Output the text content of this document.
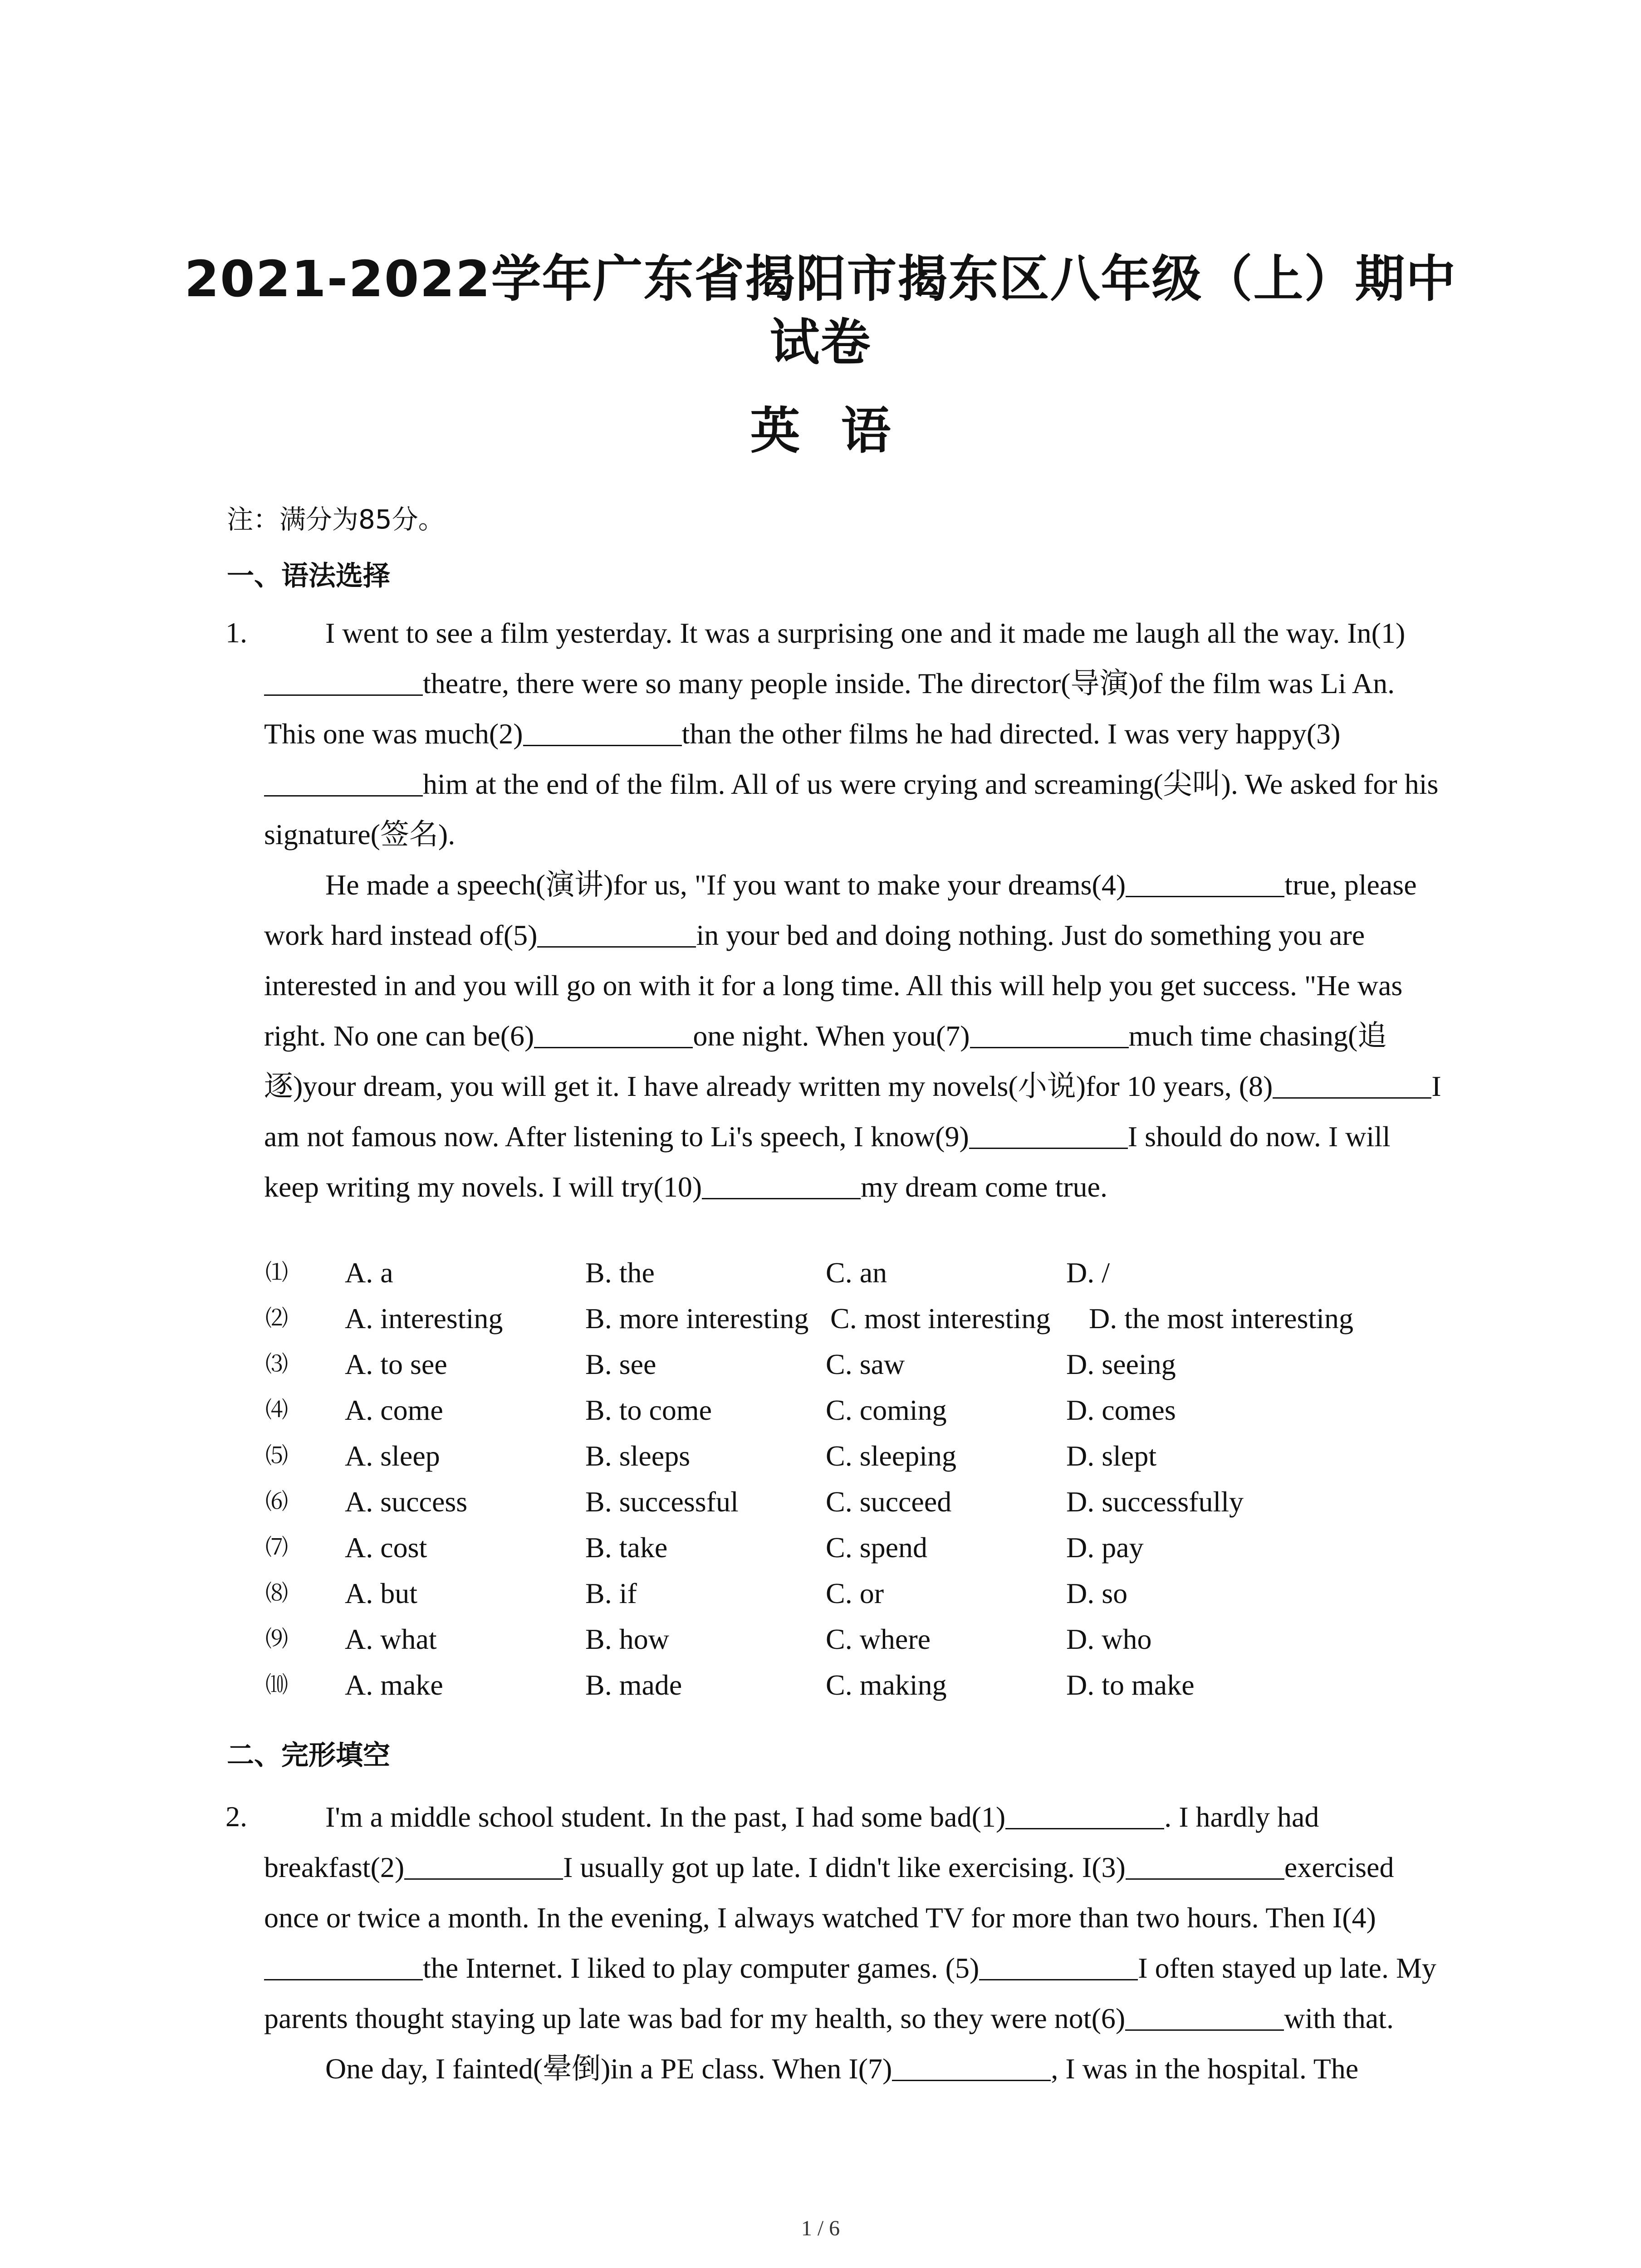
2021-2022学年广东省揭阳市揭东区八年级（上）期中
试卷
英语
注：满分为85分。
一、语法选择
1.	I went to see a film yesterday. It was a surprising one and it made me laugh all the way. In(1)theatre, there were so many people inside. The director(导演)of the film was Li An. This one was much(2)	than the other films he had directed. I was very happy(3)him at the end of the film. All of us were crying and screaming(尖叫). We asked for his signature(签名).

He made a speech(演讲)for us, "If you want to make your dreams(4)	true, please work hard instead of(5)	in your bed and doing nothing. Just do something you are interested in and you will go on with it for a long time. All this will help you get success. "He was right. No one can be(6)	one night. When you(7)	much time chasing(追逐)your dream, you will get it. I have already written my novels(小说)for 10 years, (8)	I am not famous now. After listening to Li's speech, I know(9)	I should do now. I will keep writing my novels. I will try(10)	my dream come true.

⑴ A. a	B. the	C. an	D. /
⑵ A. interesting	B. more interesting C. most interesting D. the most interesting
⑶ A. to see	B. see	C. saw	D. seeing
⑷ A. come	B. to come	C. coming	D. comes
⑸ A. sleep	B. sleeps	C. sleeping	D. slept
⑹ A. success	B. successful	C. succeed	D. successfully
⑺ A. cost	B. take	C. spend	D. pay
⑻ A. but	B. if	C. or	D. so
⑼ A. what	B. how	C. where	D. who
⑽ A. make	B. made	C. making	D. to make
二、完形填空
2.	I'm a middle school student. In the past, I had some bad(1)	. I hardly had breakfast(2)	I usually got up late. I didn't like exercising. I(3)	exercised once or twice a month. In the evening, I always watched TV for more than two hours. Then I(4)the Internet. I liked to play computer games. (5)	I often stayed up late. My parents thought staying up late was bad for my health, so they were not(6)	with that.

One day, I fainted(晕倒)in a PE class. When I(7)	, I was in the hospital. The

1 / 6
